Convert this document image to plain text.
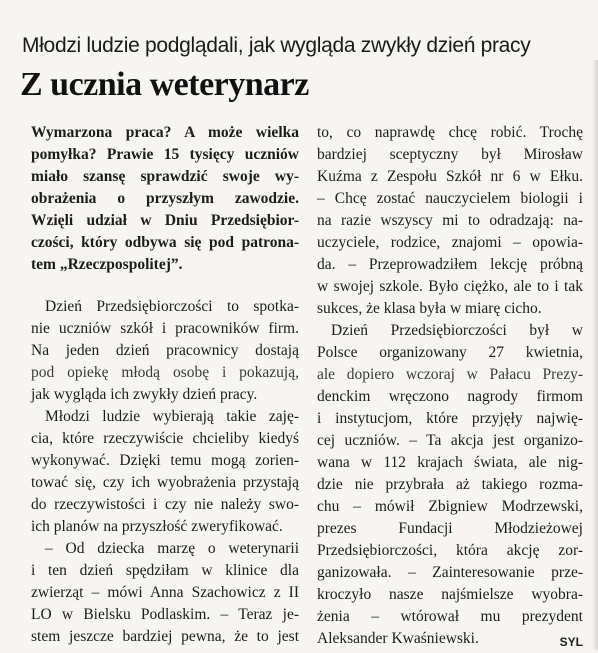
Młodzi ludzie podglądali, jak wygląda zwykły dzień pracy
Z ucznia weterynarz
Wymarzona praca? A może wielka
pomyłka? Prawie 15 tysięcy uczniów
miało szansę sprawdzić swoje wy-
obrażenia o przyszłym zawodzie.
Wzięli udział w Dniu Przedsiębior-
czości, który odbywa się pod patrona-
tem „Rzeczpospolitej”.
Dzień Przedsiębiorczości to spotka-
nie uczniów szkół i pracowników firm.
Na jeden dzień pracownicy dostają
pod opiekę młodą osobę i pokazują,
jak wygląda ich zwykły dzień pracy.
Młodzi ludzie wybierają takie zaję-
cia, które rzeczywiście chcieliby kiedyś
wykonywać. Dzięki temu mogą zorien-
tować się, czy ich wyobrażenia przystają
do rzeczywistości i czy nie należy swo-
ich planów na przyszłość zweryfikować.
– Od dziecka marzę o weterynarii
i ten dzień spędziłam w klinice dla
zwierząt – mówi Anna Szachowicz z II
LO w Bielsku Podlaskim. – Teraz je-
stem jeszcze bardziej pewna, że to jest
to, co naprawdę chcę robić. Trochę
bardziej sceptyczny był Mirosław
Kuźma z Zespołu Szkół nr 6 w Ełku.
– Chcę zostać nauczycielem biologii i
na razie wszyscy mi to odradzają: na-
uczyciele, rodzice, znajomi – opowia-
da. – Przeprowadziłem lekcję próbną
w swojej szkole. Było ciężko, ale to i tak
sukces, że klasa była w miarę cicho.
Dzień Przedsiębiorczości był w
Polsce organizowany 27 kwietnia,
ale dopiero wczoraj w Pałacu Prezy-
denckim wręczono nagrody firmom
i instytucjom, które przyjęły najwię-
cej uczniów. – Ta akcja jest organizo-
wana w 112 krajach świata, ale nig-
dzie nie przybrała aż takiego rozma-
chu – mówił Zbigniew Modrzewski,
prezes Fundacji Młodzieżowej
Przedsiębiorczości, która akcję zor-
ganizowała. – Zainteresowanie prze-
kroczyło nasze najśmielsze wyobra-
żenia – wtórował mu prezydent
Aleksander Kwaśniewski.	SYL
